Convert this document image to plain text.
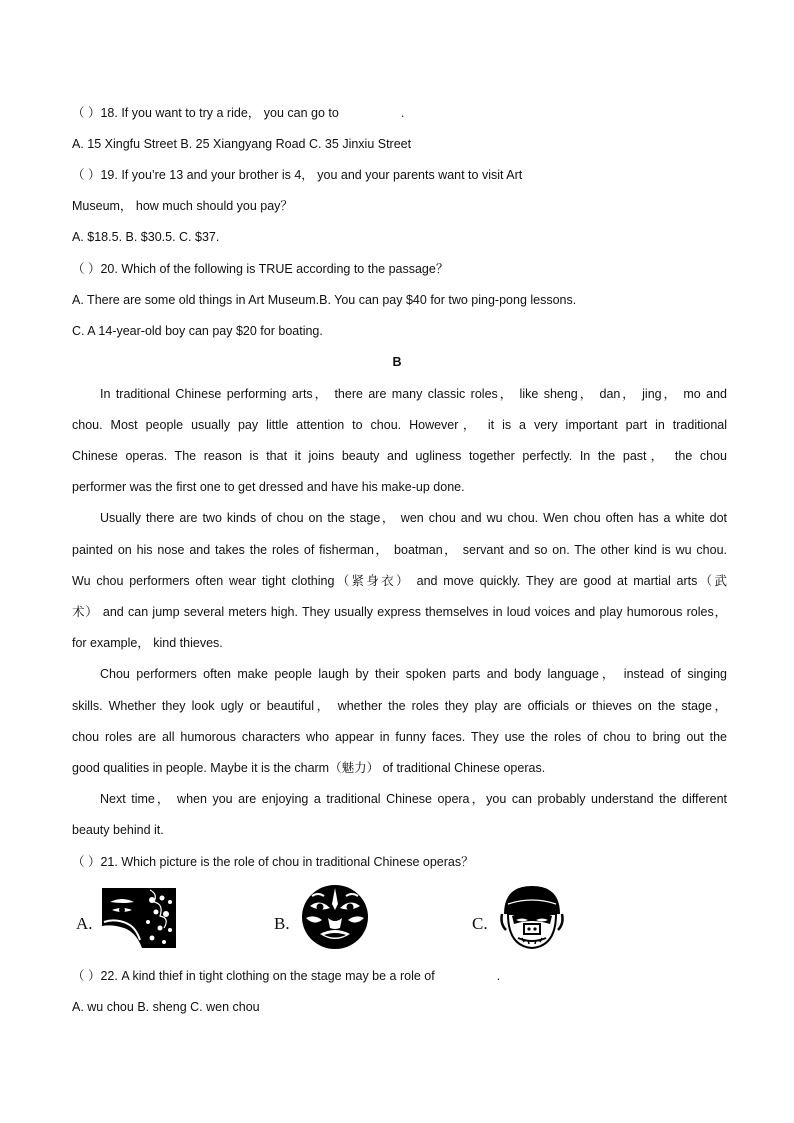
（ ）18. If you want to try a ride， you can go to	.
A. 15 Xingfu Street B. 25 Xiangyang Road C. 35 Jinxiu Street
（ ）19. If you’re 13 and your brother is 4， you and your parents want to visit Art
Museum， how much should you pay？
A. $18.5. B. $30.5. C. $37.
（ ）20. Which of the following is TRUE according to the passage？
A. There are some old things in Art Museum.B. You can pay $40 for two ping-pong lessons.
C. A 14-year-old boy can pay $20 for boating.
B
In traditional Chinese performing arts， there are many classic roles， like sheng， dan， jing， mo and
chou. Most people usually pay little attention to chou. However， it is a very important part in traditional
Chinese operas. The reason is that it joins beauty and ugliness together perfectly. In the past， the chou
performer was the first one to get dressed and have his make-up done.
Usually there are two kinds of chou on the stage， wen chou and wu chou. Wen chou often has a white dot
painted on his nose and takes the roles of fisherman， boatman， servant and so on. The other kind is wu chou.
Wu chou performers often wear tight clothing（紧身衣） and move quickly. They are good at martial arts（武
术） and can jump several meters high. They usually express themselves in loud voices and play humorous roles，
for example， kind thieves.
Chou performers often make people laugh by their spoken parts and body language， instead of singing
skills. Whether they look ugly or beautiful， whether the roles they play are officials or thieves on the stage，
chou roles are all humorous characters who appear in funny faces. They use the roles of chou to bring out the
good qualities in people. Maybe it is the charm（魅力） of traditional Chinese operas.
Next time， when you are enjoying a traditional Chinese opera，you can probably understand the different
beauty behind it.
（ ）21. Which picture is the role of chou in traditional Chinese operas？
A.	B.	C.
（ ）22. A kind thief in tight clothing on the stage may be a role of	.
A. wu chou B. sheng C. wen chou
